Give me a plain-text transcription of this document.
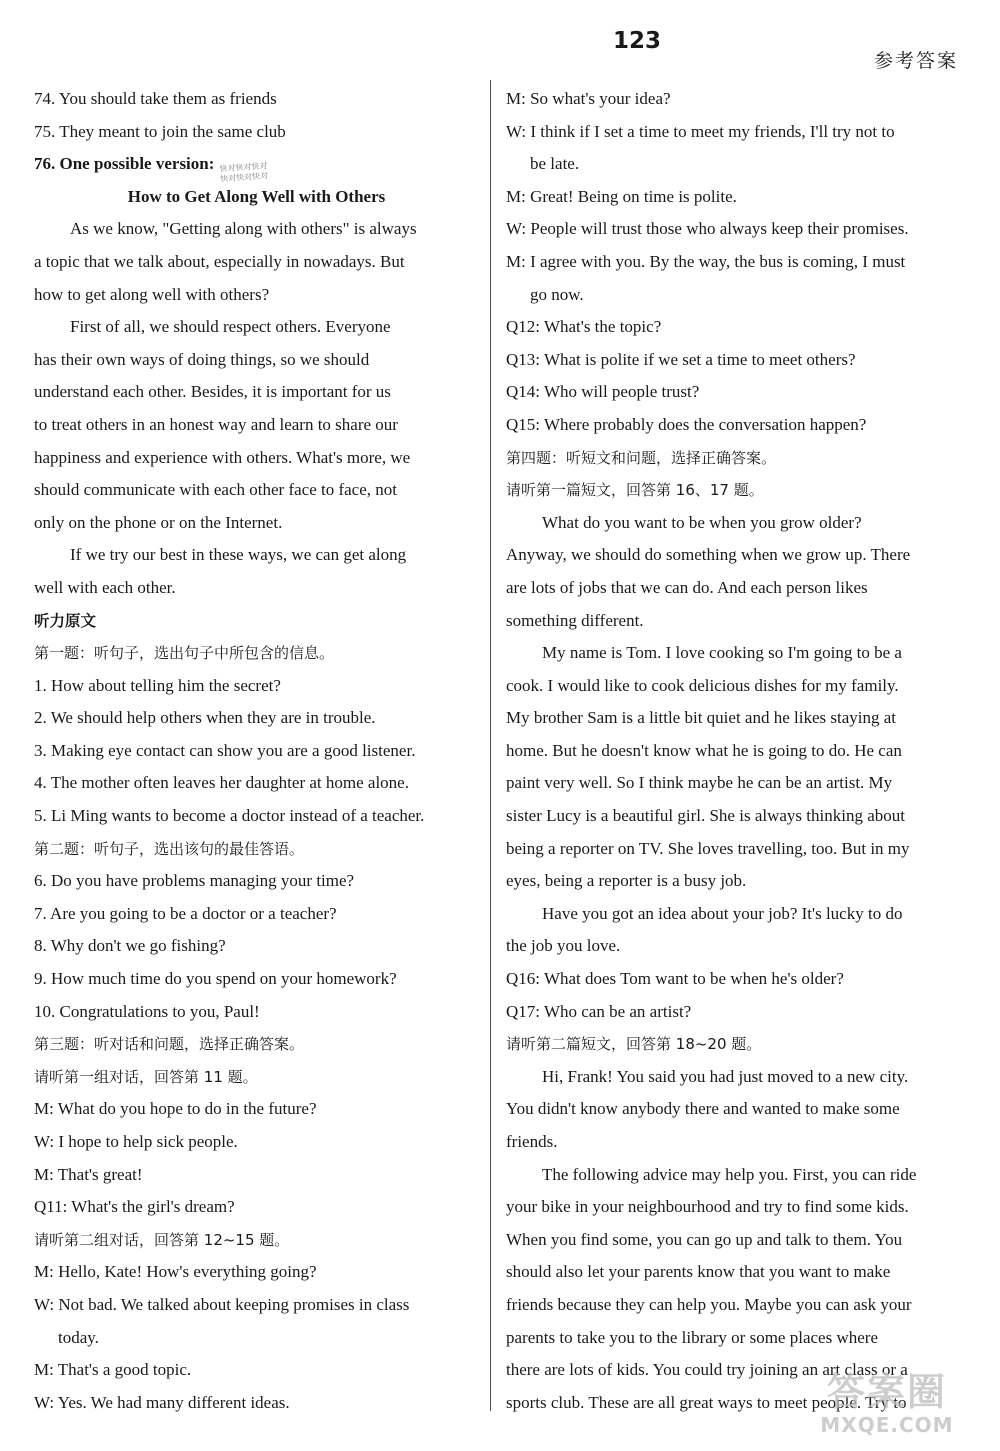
123
参考答案
快对快对快对
快对快对快对
74. You should take them as friends
75. They meant to join the same club
76. One possible version:
How to Get Along Well with Others
As we know, "Getting along with others" is always
a topic that we talk about, especially in nowadays. But
how to get along well with others?
First of all, we should respect others. Everyone
has their own ways of doing things, so we should
understand each other. Besides, it is important for us
to treat others in an honest way and learn to share our
happiness and experience with others. What's more, we
should communicate with each other face to face, not
only on the phone or on the Internet.
If we try our best in these ways, we can get along
well with each other.
听力原文
第一题：听句子，选出句子中所包含的信息。
1. How about telling him the secret?
2. We should help others when they are in trouble.
3. Making eye contact can show you are a good listener.
4. The mother often leaves her daughter at home alone.
5. Li Ming wants to become a doctor instead of a teacher.
第二题：听句子，选出该句的最佳答语。
6. Do you have problems managing your time?
7. Are you going to be a doctor or a teacher?
8. Why don't we go fishing?
9. How much time do you spend on your homework?
10. Congratulations to you, Paul!
第三题：听对话和问题，选择正确答案。
请听第一组对话，回答第 11 题。
M: What do you hope to do in the future?
W: I hope to help sick people.
M: That's great!
Q11: What's the girl's dream?
请听第二组对话，回答第 12~15 题。
M: Hello, Kate! How's everything going?
W: Not bad. We talked about keeping promises in class
today.
M: That's a good topic.
W: Yes. We had many different ideas.
M: So what's your idea?
W: I think if I set a time to meet my friends, I'll try not to
be late.
M: Great! Being on time is polite.
W: People will trust those who always keep their promises.
M: I agree with you. By the way, the bus is coming, I must
go now.
Q12: What's the topic?
Q13: What is polite if we set a time to meet others?
Q14: Who will people trust?
Q15: Where probably does the conversation happen?
第四题：听短文和问题，选择正确答案。
请听第一篇短文，回答第 16、17 题。
What do you want to be when you grow older?
Anyway, we should do something when we grow up. There
are lots of jobs that we can do. And each person likes
something different.
My name is Tom. I love cooking so I'm going to be a
cook. I would like to cook delicious dishes for my family.
My brother Sam is a little bit quiet and he likes staying at
home. But he doesn't know what he is going to do. He can
paint very well. So I think maybe he can be an artist. My
sister Lucy is a beautiful girl. She is always thinking about
being a reporter on TV. She loves travelling, too. But in my
eyes, being a reporter is a busy job.
Have you got an idea about your job? It's lucky to do
the job you love.
Q16: What does Tom want to be when he's older?
Q17: Who can be an artist?
请听第二篇短文，回答第 18~20 题。
Hi, Frank! You said you had just moved to a new city.
You didn't know anybody there and wanted to make some
friends.
The following advice may help you. First, you can ride
your bike in your neighbourhood and try to find some kids.
When you find some, you can go up and talk to them. You
should also let your parents know that you want to make
friends because they can help you. Maybe you can ask your
parents to take you to the library or some places where
there are lots of kids. You could try joining an art class or a
sports club. These are all great ways to meet people. Try to
答案圈
MXQE.COM
